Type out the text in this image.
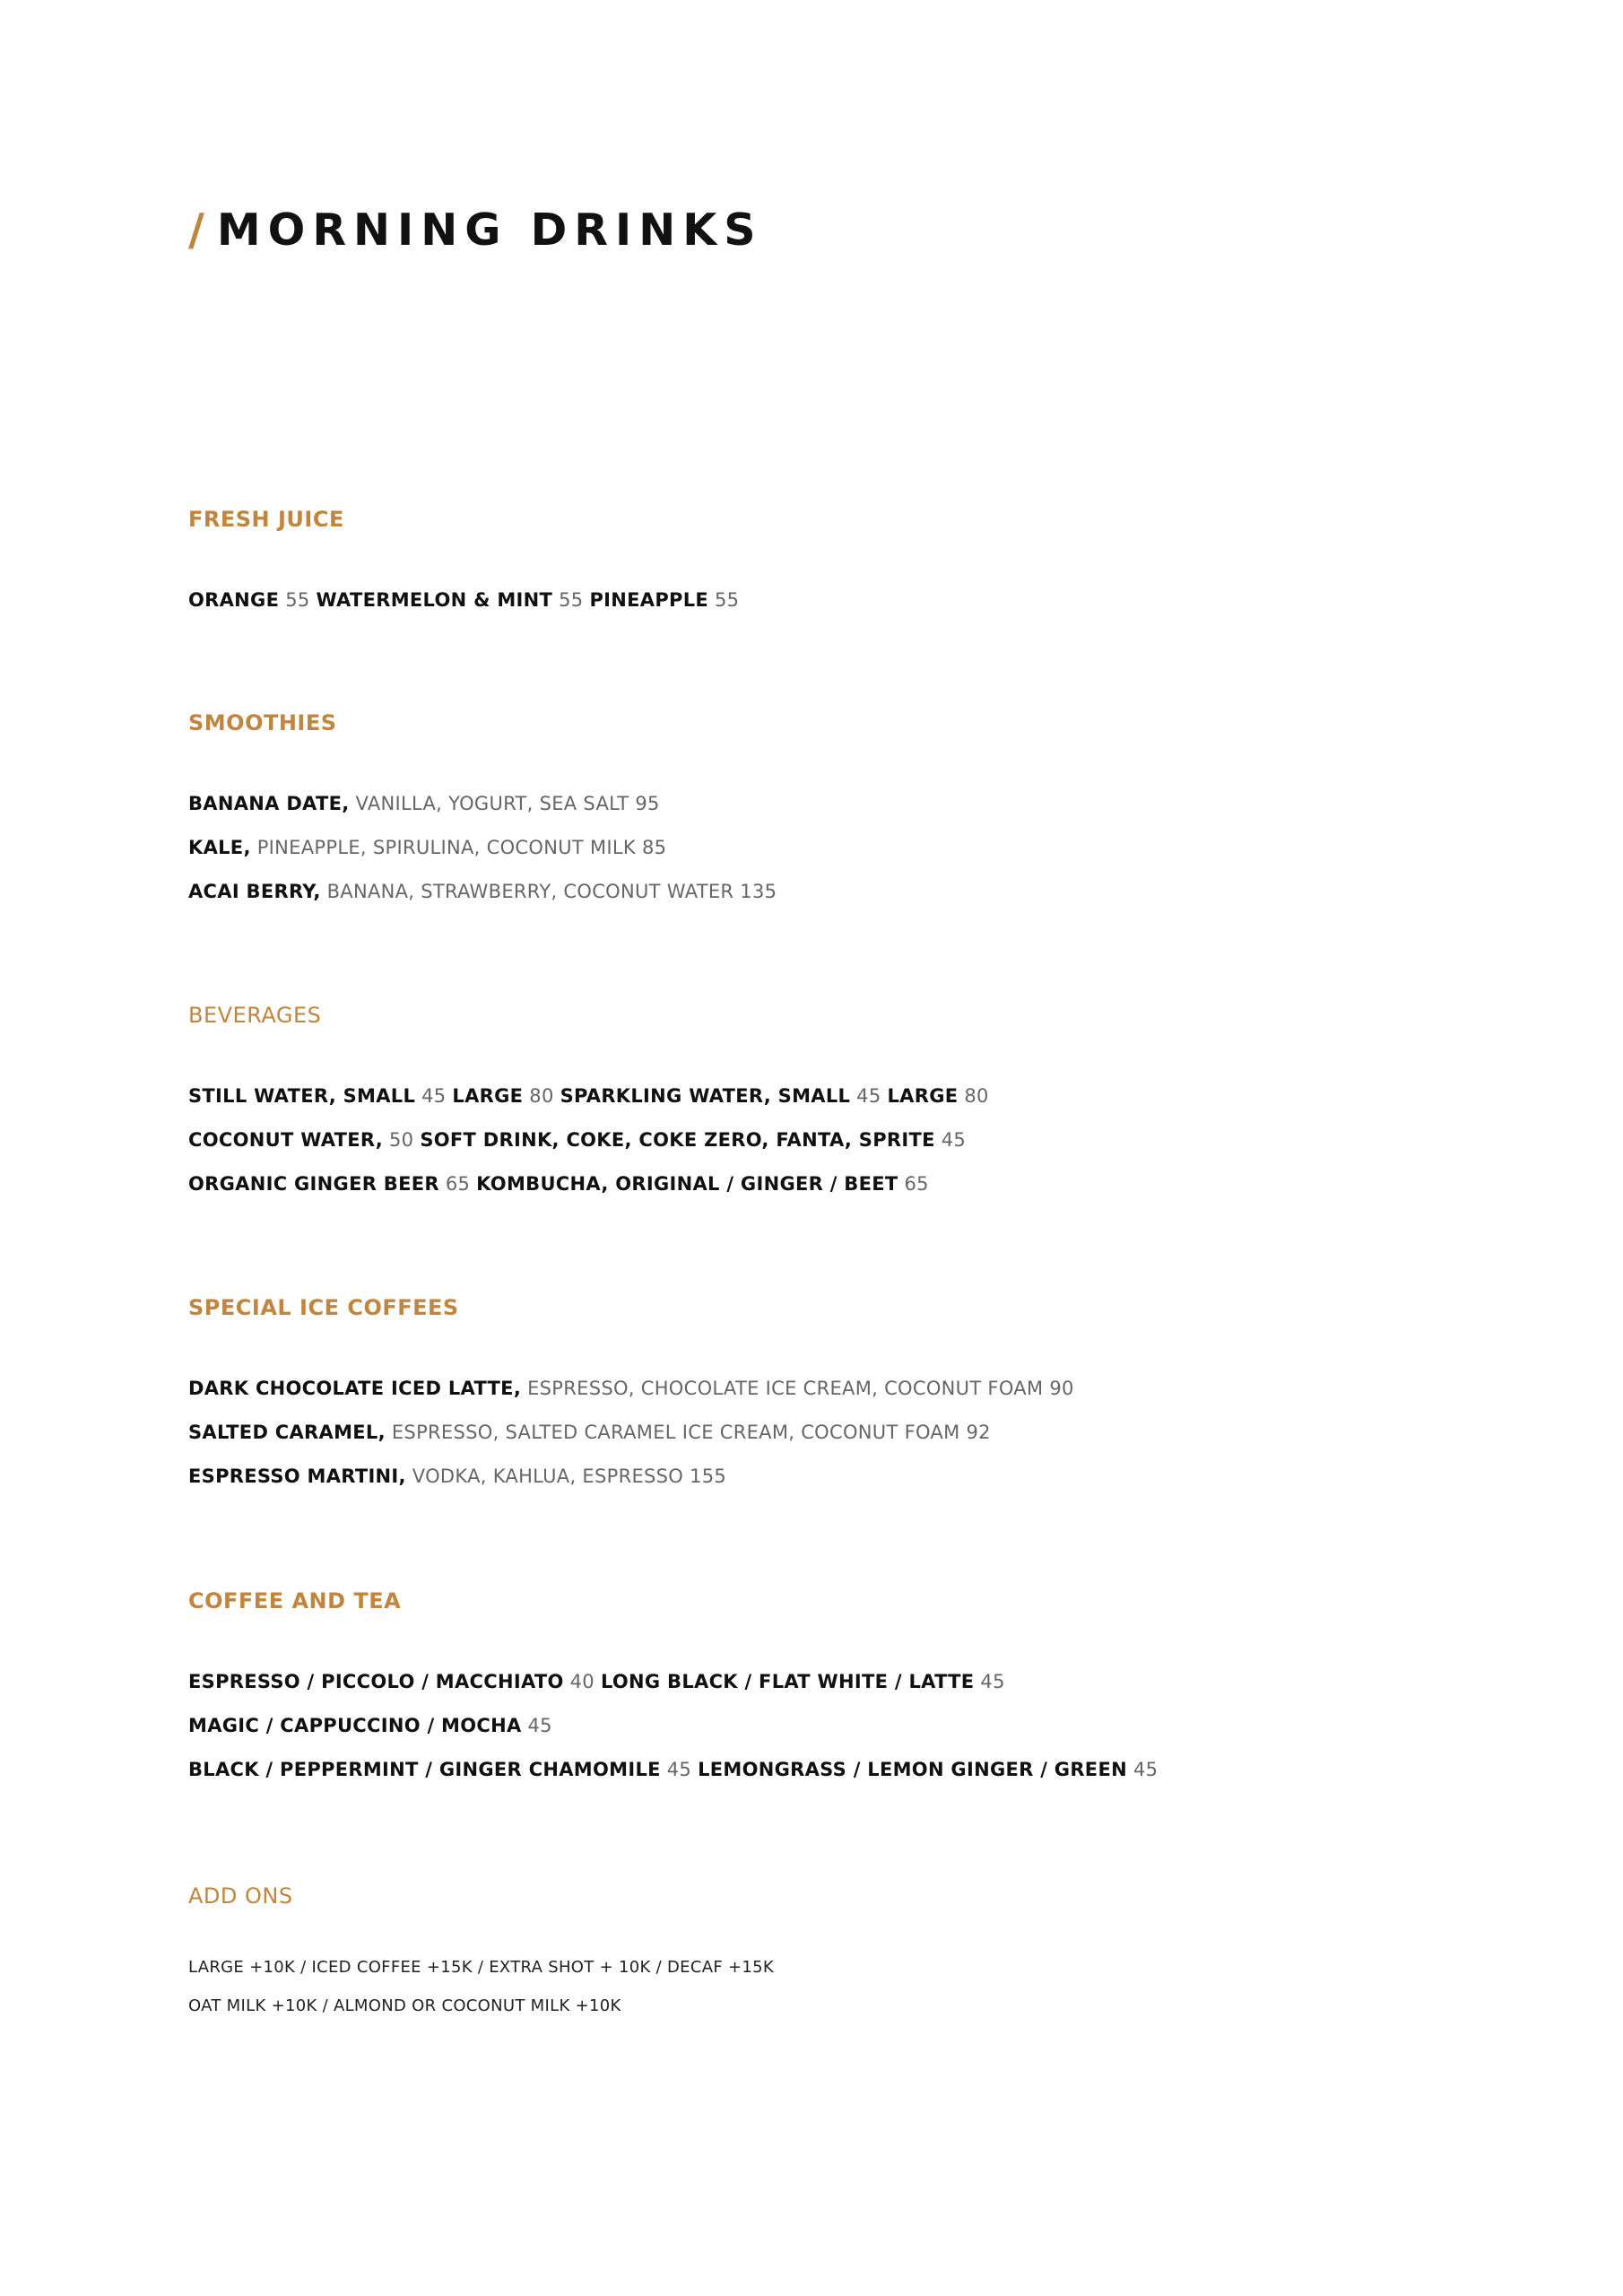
/ MORNING DRINKS
FRESH JUICE
ORANGE 55 WATERMELON & MINT 55 PINEAPPLE 55
SMOOTHIES
BANANA DATE, VANILLA, YOGURT, SEA SALT 95
KALE, PINEAPPLE, SPIRULINA, COCONUT MILK 85
ACAI BERRY, BANANA, STRAWBERRY, COCONUT WATER 135
BEVERAGES
STILL WATER, SMALL 45 LARGE 80 SPARKLING WATER, SMALL 45 LARGE 80
COCONUT WATER, 50 SOFT DRINK, COKE, COKE ZERO, FANTA, SPRITE 45
ORGANIC GINGER BEER 65 KOMBUCHA, ORIGINAL / GINGER / BEET 65
SPECIAL ICE COFFEES
DARK CHOCOLATE ICED LATTE, ESPRESSO, CHOCOLATE ICE CREAM, COCONUT FOAM 90
SALTED CARAMEL, ESPRESSO, SALTED CARAMEL ICE CREAM, COCONUT FOAM 92
ESPRESSO MARTINI, VODKA, KAHLUA, ESPRESSO 155
COFFEE AND TEA
ESPRESSO / PICCOLO / MACCHIATO 40 LONG BLACK / FLAT WHITE / LATTE 45
MAGIC / CAPPUCCINO / MOCHA 45
BLACK / PEPPERMINT / GINGER CHAMOMILE 45 LEMONGRASS / LEMON GINGER / GREEN 45
ADD ONS
LARGE +10K / ICED COFFEE +15K / EXTRA SHOT + 10K / DECAF +15K
OAT MILK +10K / ALMOND OR COCONUT MILK +10K
